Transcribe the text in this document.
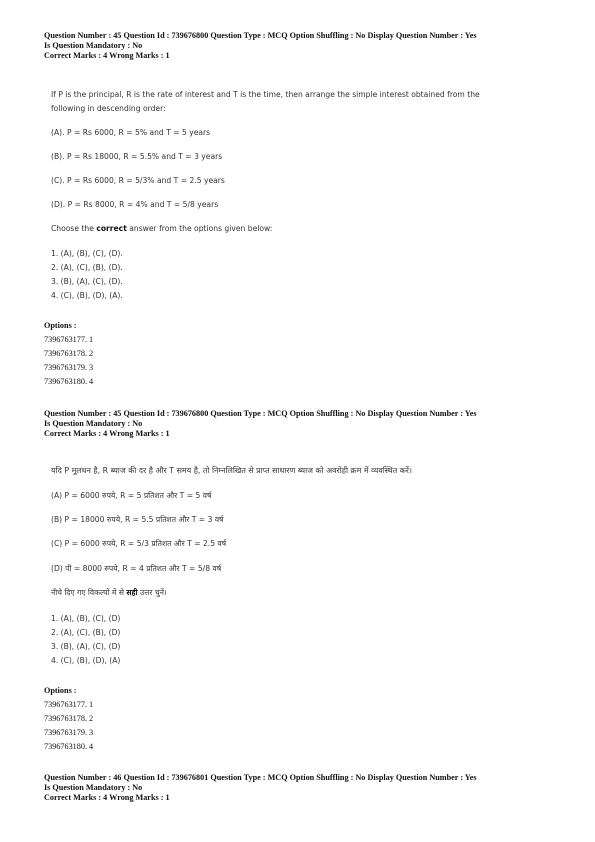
Question Number : 45 Question Id : 739676800 Question Type : MCQ Option Shuffling : No Display Question Number : Yes
Is Question Mandatory : No
Correct Marks : 4 Wrong Marks : 1
If P is the principal, R is the rate of interest and T is the time, then arrange the simple interest obtained from the
following in descending order:
(A). P = Rs 6000, R = 5% and T = 5 years
(B). P = Rs 18000, R = 5.5% and T = 3 years
(C). P = Rs 6000, R = 5/3% and T = 2.5 years
(D). P = Rs 8000, R = 4% and T = 5/8 years
Choose the correct answer from the options given below:
1. (A), (B), (C), (D).
2. (A), (C), (B), (D).
3. (B), (A), (C), (D).
4. (C), (B), (D), (A).
Options :
7396763177. 1
7396763178. 2
7396763179. 3
7396763180. 4
Question Number : 45 Question Id : 739676800 Question Type : MCQ Option Shuffling : No Display Question Number : Yes
Is Question Mandatory : No
Correct Marks : 4 Wrong Marks : 1
यदि P मूलधन है, R ब्याज की दर है और T समय है, तो निम्नलिखित से प्राप्त साधारण ब्याज को अवरोही क्रम में व्यवस्थित करें।
(A) P = 6000 रुपये, R = 5 प्रतिशत और T = 5 वर्ष
(B) P = 18000 रुपये, R = 5.5 प्रतिशत और T = 3 वर्ष
(C) P = 6000 रुपये, R = 5/3 प्रतिशत और T = 2.5 वर्ष
(D) पी = 8000 रुपये, R = 4 प्रतिशत और T = 5/8 वर्ष
नीचे दिए गए विकल्पों में से सही उत्तर चुनें।
1. (A), (B), (C), (D)
2. (A), (C), (B), (D)
3. (B), (A), (C), (D)
4. (C), (B), (D), (A)
Options :
7396763177. 1
7396763178. 2
7396763179. 3
7396763180. 4
Question Number : 46 Question Id : 739676801 Question Type : MCQ Option Shuffling : No Display Question Number : Yes
Is Question Mandatory : No
Correct Marks : 4 Wrong Marks : 1
